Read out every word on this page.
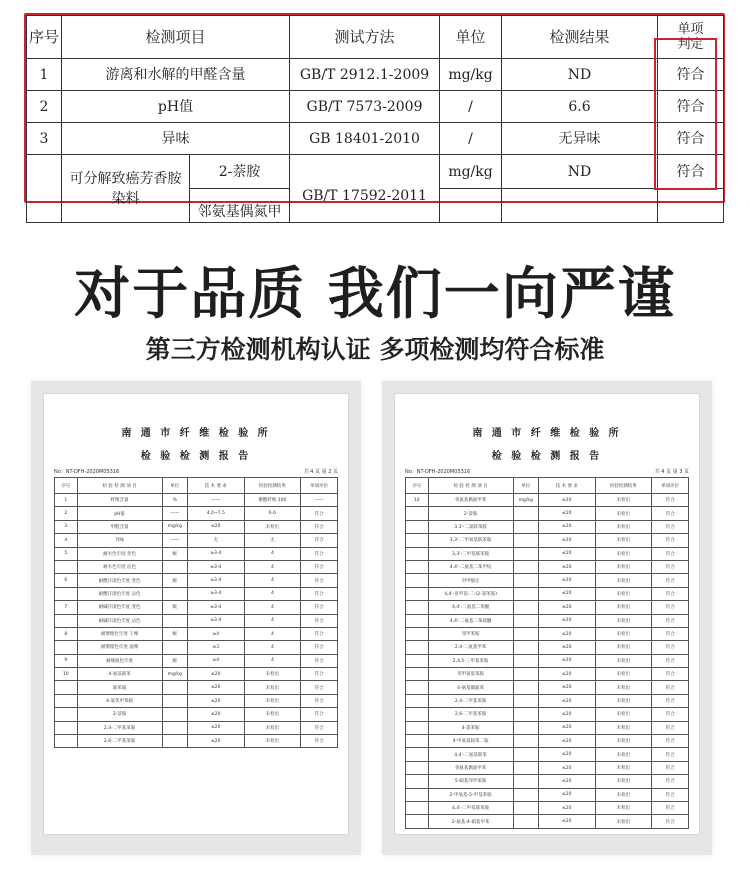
序号	检测项目		测试方法	单位	检测结果	单项判定

1	游离和水解的甲醛含量		GB/T 2912.1-2009	mg/kg	ND	符合
2	pH值		GB/T 7573-2009	/	6.6	符合
3	异味		GB 18401-2010	/	无异味	符合
	可分解致癌芳香胺染料	2-萘胺	GB/T 17592-2011	mg/kg	ND	符合

		邻氨基偶氮甲				

对于品质 我们一向严谨
第三方检测机构认证 多项检测均符合标准
南 通 市 纤 维 检 验 所
检 验 检 测 报 告
No：NT-DFH-2020M05316	共 4 页 第 2 页
序号	检 验 检 测 项 目	单位	技 术 要 求	检验检测结果	单项评价
1	纤维含量	%	——	聚酯纤维 100	——
2	pH值	——	4.0~7.5	6.6	符合
3	甲醛含量	mg/kg	≤20	未检出	符合
4	异味	——	无	无	符合
5	耐水色牢度 变色	级	≥3-4	4	符合
	耐水色牢度 沾色		≥3-4	4	符合
6	耐酸汗渍色牢度 变色	级	≥3-4	4	符合
	耐酸汗渍色牢度 沾色		≥3-4	4	符合
7	耐碱汗渍色牢度 变色	级	≥3-4	4	符合
	耐碱汗渍色牢度 沾色		≥3-4	4	符合
8	耐摩擦色牢度 干摩	级	≥4	4	符合
	耐摩擦色牢度 湿摩		≥3	4	符合
9	耐唾液色牢度	级	≥4	4	符合
10	4-氨基联苯	mg/kg	≤20	未检出	符合
	联苯胺		≤20	未检出	符合
	4-氯邻甲苯胺		≤20	未检出	符合
	2-萘胺		≤20	未检出	符合
	2,4-二甲基苯胺		≤20	未检出	符合
	2,6-二甲基苯胺		≤20	未检出	符合
南 通 市 纤 维 检 验 所
检 验 检 测 报 告
No：NT-DFH-2020M05316	共 4 页 第 3 页
序号	检 验 检 测 项 目	单位	技 术 要 求	检验检测结果	单项评价
10	邻氨基偶氮甲苯	mg/kg	≤20	未检出	符合
	2-萘胺		≤20	未检出	符合
	3,3'-二氯联苯胺		≤20	未检出	符合
	3,3'-二甲氧基联苯胺		≤20	未检出	符合
	3,3'-二甲基联苯胺		≤20	未检出	符合
	4,4'-二氨基二苯甲烷		≤20	未检出	符合
	对甲酚定		≤20	未检出	符合
	4,4'-亚甲基-二-(2-氯苯胺)		≤20	未检出	符合
	4,4'-二氨基二苯醚		≤20	未检出	符合
	4,4'-二氨基二苯硫醚		≤20	未检出	符合
	邻甲苯胺		≤20	未检出	符合
	2,4-二氨基甲苯		≤20	未检出	符合
	2,4,5-三甲基苯胺		≤20	未检出	符合
	邻甲氧基苯胺		≤20	未检出	符合
	4-氨基偶氮苯		≤20	未检出	符合
	2,4-二甲基苯胺		≤20	未检出	符合
	2,6-二甲基苯胺		≤20	未检出	符合
	4-氯苯胺		≤20	未检出	符合
	4-甲氧基间苯二胺		≤20	未检出	符合
	4,4'-二氨基联苯		≤20	未检出	符合
	邻氨基偶氮甲苯		≤20	未检出	符合
	5-硝基邻甲苯胺		≤20	未检出	符合
	2-甲氧基-5-甲基苯胺		≤20	未检出	符合
	4,4'-二甲基联苯胺		≤20	未检出	符合
	2-氨基-4-硝基甲苯		≤20	未检出	符合
